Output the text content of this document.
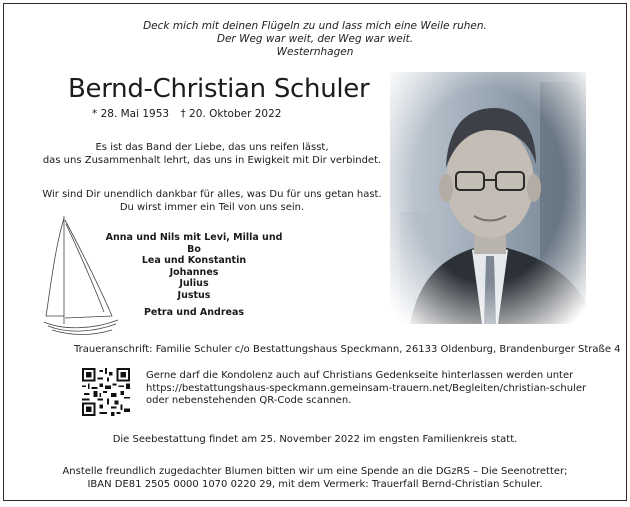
Deck mich mit deinen Flügeln zu und lass mich eine Weile ruhen.
Der Weg war weit, der Weg war weit.
Westernhagen
Bernd-Christian Schuler
* 28. Mai 1953 † 20. Oktober 2022
Es ist das Band der Liebe, das uns reifen lässt,
das uns Zusammenhalt lehrt, das uns in Ewigkeit mit Dir verbindet.
Wir sind Dir unendlich dankbar für alles, was Du für uns getan hast.
Du wirst immer ein Teil von uns sein.
Anna und Nils mit Levi, Milla und Bo
Lea und Konstantin
Johannes
Julius
Justus
Petra und Andreas
Traueranschrift: Familie Schuler c/o Bestattungshaus Speckmann, 26133 Oldenburg, Brandenburger Straße 4
Gerne darf die Kondolenz auch auf Christians Gedenkseite hinterlassen werden unter
https://bestattungshaus-speckmann.gemeinsam-trauern.net/Begleiten/christian-schuler
oder nebenstehenden QR-Code scannen.
Die Seebestattung findet am 25. November 2022 im engsten Familienkreis statt.
Anstelle freundlich zugedachter Blumen bitten wir um eine Spende an die DGzRS – Die Seenotretter;
IBAN DE81 2505 0000 1070 0220 29, mit dem Vermerk: Trauerfall Bernd-Christian Schuler.
